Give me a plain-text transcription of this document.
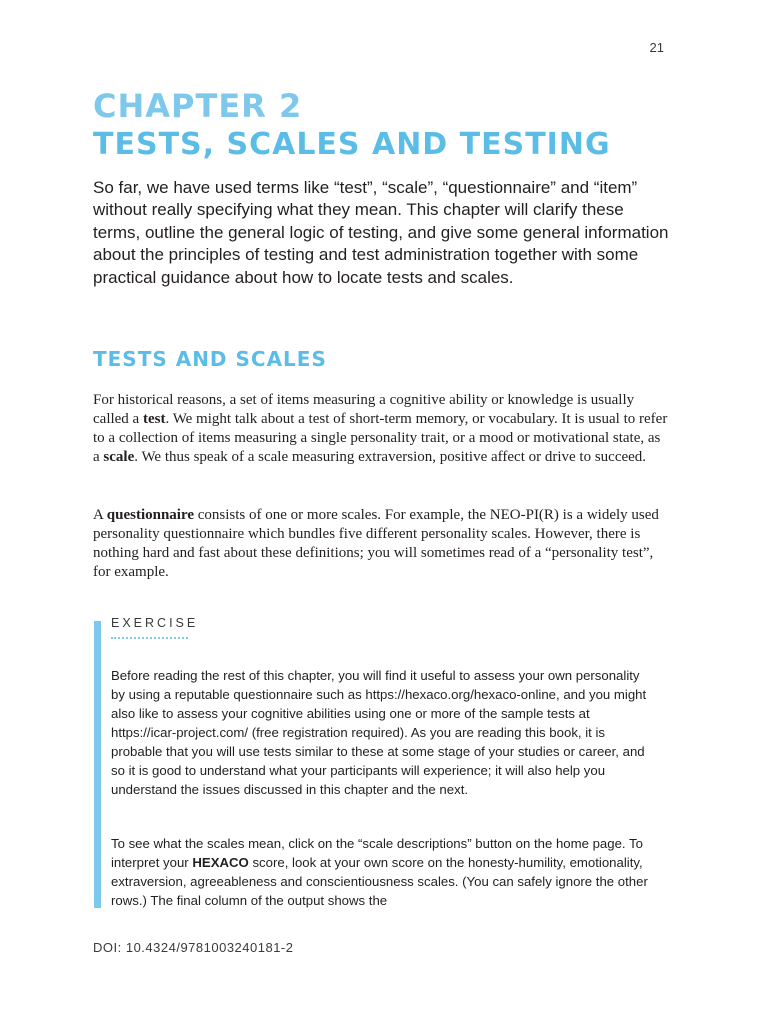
21
CHAPTER 2
TESTS, SCALES AND TESTING

So far, we have used terms like “test”, “scale”, “questionnaire” and “item” without really specifying what they mean. This chapter will clarify these terms, outline the general logic of testing, and give some general information about the principles of testing and test administration together with some practical guidance about how to locate tests and scales.

TESTS AND SCALES

For historical reasons, a set of items measuring a cognitive ability or knowledge is usually called a test. We might talk about a test of short-term memory, or vocabulary. It is usual to refer to a collection of items measuring a single personality trait, or a mood or motivational state, as a scale. We thus speak of a scale measuring extraversion, positive affect or drive to succeed.

A questionnaire consists of one or more scales. For example, the NEO-PI(R) is a widely used personality questionnaire which bundles five different personality scales. However, there is nothing hard and fast about these definitions; you will sometimes read of a “personality test”, for example.

EXERCISE

Before reading the rest of this chapter, you will find it useful to assess your own personality by using a reputable questionnaire such as https://hexaco.org/hexaco-online, and you might also like to assess your cognitive abilities using one or more of the sample tests at https://icar-project.com/ (free registration required). As you are reading this book, it is probable that you will use tests similar to these at some stage of your studies or career, and so it is good to understand what your participants will experience; it will also help you understand the issues discussed in this chapter and the next.

To see what the scales mean, click on the “scale descriptions” button on the home page. To interpret your HEXACO score, look at your own score on the honesty-humility, emotionality, extraversion, agreeableness and conscientiousness scales. (You can safely ignore the other rows.) The final column of the output shows the

DOI: 10.4324/9781003240181-2
